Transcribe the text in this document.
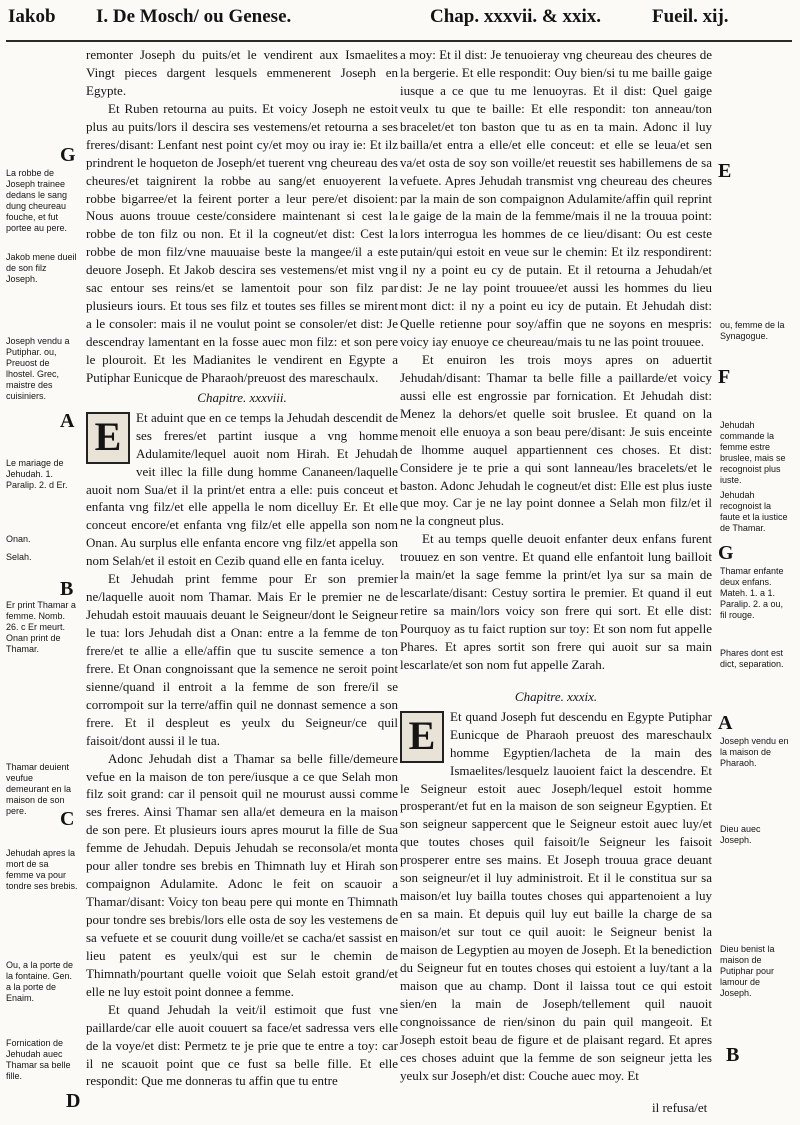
Iakob I. De Mosch/ ou Genese.	Chap. xxxvii. & xxix.	Fueil. xij.

remonter Joseph du puits/et le vendirent aux Ismaelites Vingt pieces dargent lesquels emmenerent Joseph en Egypte.

Et Ruben retourna au puits. Et voicy Joseph ne estoit plus au puits/lors il descira ses vestemens/et retourna a ses freres/disant: Lenfant nest point cy/et moy ou iray ie: Et ilz prindrent le hoqueton de Joseph/et tuerent vng cheureau des cheures/et taignirent la robbe au sang/et enuoyerent la robbe bigarree/et la feirent porter a leur pere/et disoient: Nous auons trouue ceste/considere maintenant si cest la robbe de ton filz ou non. Et il la cogneut/et dist: Cest la robbe de mon filz/vne mauuaise beste la mangee/il a este deuore Joseph. Et Jakob descira ses vestemens/et mist vng sac entour ses reins/et se lamentoit pour son filz par plusieurs iours. Et tous ses filz et toutes ses filles se mirent a le consoler: mais il ne voulut point se consoler/et dist: Je descendray lamentant en la fosse auec mon filz: et son pere le plouroit. Et les Madianites le vendirent en Egypte a Putiphar Eunicque de Pharaoh/preuost des mareschaulx.

Chapitre. xxxviii.

E	Et aduint que en ce temps la Jehudah descendit de ses freres/et partint iusque a vng homme Adulamite/lequel auoit nom Hirah. Et Jehudah veit illec la fille dung homme Cananeen/laquelle auoit nom Sua/et il la print/et entra a elle: puis conceut et enfanta vng filz/et elle appella le nom dicelluy Er. Et elle conceut encore/et enfanta vng filz/et elle appella son nom Onan. Au surplus elle enfanta encore vng filz/et appella son nom Selah/et il estoit en Cezib quand elle en fanta iceluy.

Et Jehudah print femme pour Er son premier ne/laquelle auoit nom Thamar. Mais Er le premier ne de Jehudah estoit mauuais deuant le Seigneur/dont le Seigneur le tua: lors Jehudah dist a Onan: entre a la femme de ton frere/et te allie a elle/affin que tu suscite semence a ton frere. Et Onan congnoissant que la semence ne seroit point sienne/quand il entroit a la femme de son frere/il se corrompoit sur la terre/affin quil ne donnast semence a son frere. Et il despleut es yeulx du Seigneur/ce quil faisoit/dont aussi il le tua.

Adonc Jehudah dist a Thamar sa belle fille/demeure vefue en la maison de ton pere/iusque a ce que Selah mon filz soit grand: car il pensoit quil ne mourust aussi comme ses freres. Ainsi Thamar sen alla/et demeura en la maison de son pere. Et plusieurs iours apres mourut la fille de Sua femme de Jehudah. Depuis Jehudah se reconsola/et monta pour aller tondre ses brebis en Thimnath luy et Hirah son compaignon Adulamite. Adonc le feit on scauoir a Thamar/disant: Voicy ton beau pere qui monte en Thimnath pour tondre ses brebis/lors elle osta de soy les vestemens de sa vefuete et se couurit dung voille/et se cacha/et sassist en lieu patent es yeulx/qui est sur le chemin de Thimnath/pourtant quelle voioit que Selah estoit grand/et elle ne luy estoit point donnee a femme.

Et quand Jehudah la veit/il estimoit que fust vne paillarde/car elle auoit couuert sa face/et sadressa vers elle de la voye/et dist: Permetz te je prie que te entre a toy: car il ne scauoit point que ce fust sa belle fille. Et elle respondit: Que me donneras tu affin que tu entre

a moy: Et il dist: Je tenuoieray vng cheureau des cheures de la bergerie. Et elle respondit: Ouy bien/si tu me baille gaige iusque a ce que tu me lenuoyras. Et il dist: Quel gaige veulx tu que te baille: Et elle respondit: ton anneau/ton bracelet/et ton baston que tu as en ta main. Adonc il luy bailla/et entra a elle/et elle conceut: et elle se leua/et sen va/et osta de soy son voille/et reuestit ses habillemens de sa vefuete. Apres Jehudah transmist vng cheureau des cheures par la main de son compaignon Adulamite/affin quil reprint le gaige de la main de la femme/mais il ne la trouua point: lors interrogua les hommes de ce lieu/disant: Ou est ceste putain/qui estoit en veue sur le chemin: Et ilz respondirent: il ny a point eu cy de putain. Et il retourna a Jehudah/et dist: Je ne lay point trouuee/et aussi les hommes du lieu mont dict: il ny a point eu icy de putain. Et Jehudah dist: Quelle retienne pour soy/affin que ne soyons en mespris: voicy iay enuoye ce cheureau/mais tu ne las point trouuee.

Et enuiron les trois moys apres on aduertit Jehudah/disant: Thamar ta belle fille a paillarde/et voicy aussi elle est engrossie par fornication. Et Jehudah dist: Menez la dehors/et quelle soit bruslee. Et quand on la menoit elle enuoya a son beau pere/disant: Je suis enceinte de lhomme auquel appartiennent ces choses. Et dist: Considere je te prie a qui sont lanneau/les bracelets/et le baston. Adonc Jehudah le cogneut/et dist: Elle est plus iuste que moy. Car je ne lay point donnee a Selah mon filz/et il ne la congneut plus.

Et au temps quelle deuoit enfanter deux enfans furent trouuez en son ventre. Et quand elle enfantoit lung bailloit la main/et la sage femme la print/et lya sur sa main de lescarlate/disant: Cestuy sortira le premier. Et quand il eut retire sa main/lors voicy son frere qui sort. Et elle dist: Pourquoy as tu faict ruption sur toy: Et son nom fut appelle Phares. Et apres sortit son frere qui auoit sur sa main lescarlate/et son nom fut appelle Zarah.

Chapitre. xxxix.

E	Et quand Joseph fut descendu en Egypte Putiphar Eunicque de Pharaoh preuost des mareschaulx homme Egyptien/lacheta de la main des Ismaelites/lesquelz lauoient faict la descendre. Et le Seigneur estoit auec Joseph/lequel estoit homme prosperant/et fut en la maison de son seigneur Egyptien. Et son seigneur sappercent que le Seigneur estoit auec luy/et que toutes choses quil faisoit/le Seigneur les faisoit prosperer entre ses mains. Et Joseph trouua grace deuant son seigneur/et il luy administroit. Et il le constitua sur sa maison/et luy bailla toutes choses qui appartenoient a luy en sa main. Et depuis quil luy eut baille la charge de sa maison/et sur tout ce quil auoit: le Seigneur benist la maison de Legyptien au moyen de Joseph. Et la benediction du Seigneur fut en toutes choses qui estoient a luy/tant a la maison que au champ. Dont il laissa tout ce qui estoit sien/en la main de Joseph/tellement quil nauoit congnoissance de rien/sinon du pain quil mangeoit. Et Joseph estoit beau de figure et de plaisant regard. Et apres ces choses aduint que la femme de son seigneur jetta les yeulx sur Joseph/et dist: Couche auec moy. Et

il refusa/et
La robbe de Joseph trainee dedans le sang dung cheureau fouche, et fut portee au pere.
Jakob mene dueil de son filz Joseph.
Joseph vendu a Putiphar. ou, Preuost de lhostel. Grec, maistre des cuisiniers.
Le mariage de Jehudah. 1. Paralip. 2. d Er.
Onan.
Selah.
Er print Thamar a femme. Nomb. 26. c Er meurt. Onan print de Thamar.
Thamar deuient veufue demeurant en la maison de son pere.
Jehudah apres la mort de sa femme va pour tondre ses brebis.
Ou, a la porte de la fontaine. Gen. a la porte de Enaim.
Fornication de Jehudah auec Thamar sa belle fille.
G
A
B
C
D
ou, femme de la Synagogue.
Jehudah commande la femme estre bruslee, mais se recognoist plus iuste.
Jehudah recognoist la faute et la iustice de Thamar.
Thamar enfante deux enfans. Mateh. 1. a 1. Paralip. 2. a ou, fil rouge.
Phares dont est dict, separation.
Joseph vendu en la maison de Pharaoh.
Dieu auec Joseph.
Dieu benist la maison de Putiphar pour lamour de Joseph.
E
F
G
A
B
